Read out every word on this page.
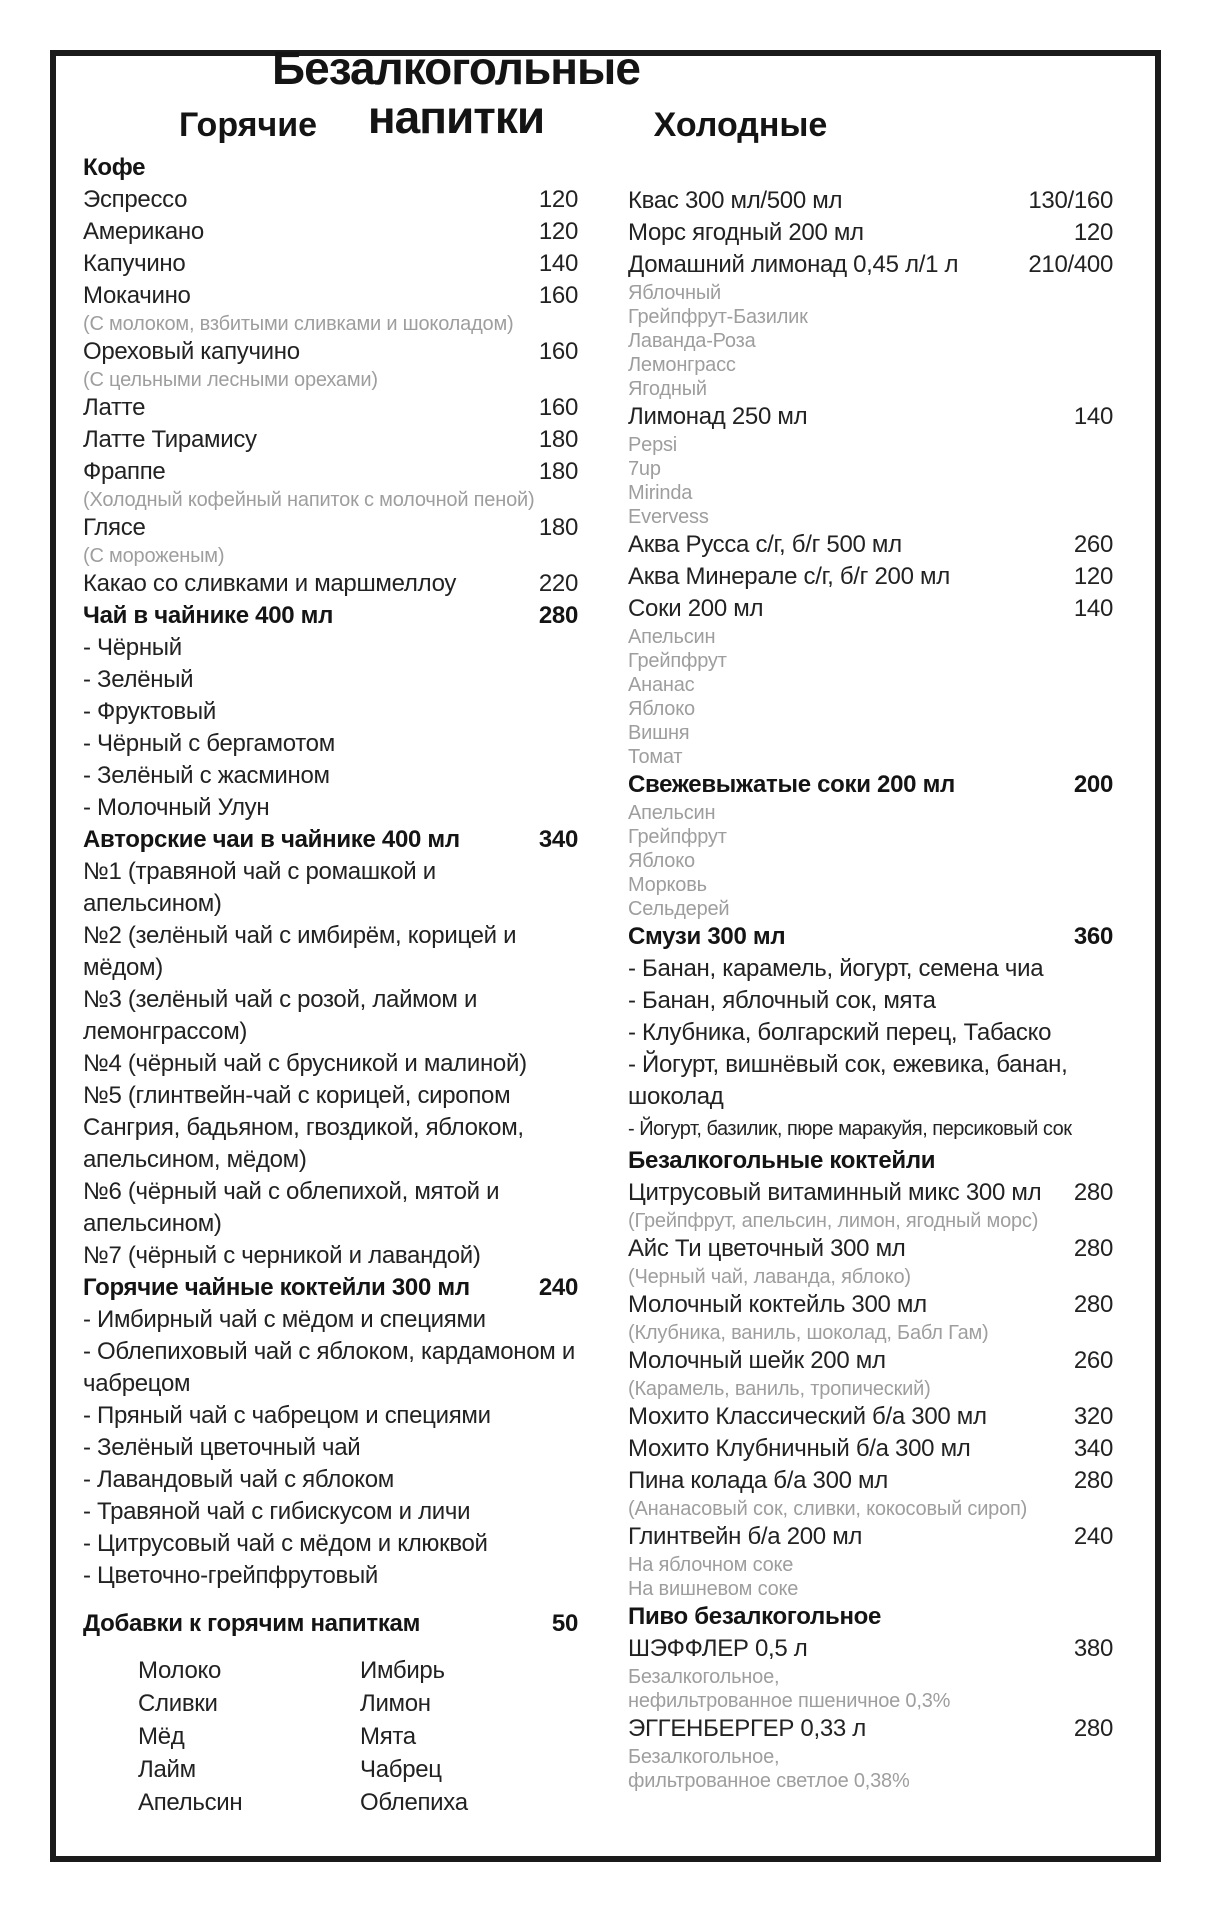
Безалкогольные
напитки
Горячие	Холодные
Кофе
Эспрессо	120
Американо	120
Капучино	140
Мокачино	160
(С молоком, взбитыми сливками и шоколадом)
Ореховый капучино	160
(С цельными лесными орехами)
Латте	160
Латте Тирамису	180
Фраппе	180
(Холодный кофейный напиток с молочной пеной)
Глясе	180
(С мороженым)
Какао со сливками и маршмеллоу	220
Чай в чайнике 400 мл	280
- Чёрный
- Зелёный
- Фруктовый
- Чёрный с бергамотом
- Зелёный с жасмином
- Молочный Улун
Авторские чаи в чайнике 400 мл	340
№1 (травяной чай с ромашкой и апельсином)
№2 (зелёный чай с имбирём, корицей и мёдом)
№3 (зелёный чай с розой, лаймом и лемонграссом)
№4 (чёрный чай с брусникой и малиной)
№5 (глинтвейн-чай с корицей, сиропом Сангрия, бадьяном, гвоздикой, яблоком, апельсином, мёдом)
№6 (чёрный чай с облепихой, мятой и апельсином)
№7 (чёрный с черникой и лавандой)
Горячие чайные коктейли 300 мл	240
- Имбирный чай с мёдом и специями
- Облепиховый чай с яблоком, кардамоном и чабрецом
- Пряный чай с чабрецом и специями
- Зелёный цветочный чай
- Лавандовый чай с яблоком
- Травяной чай с гибискусом и личи
- Цитрусовый чай с мёдом и клюквой
- Цветочно-грейпфрутовый
Добавки к горячим напиткам	50
Молоко	Имбирь
Сливки	Лимон
Мёд	Мята
Лайм	Чабрец
Апельсин	Облепиха
Квас 300 мл/500 мл	130/160
Морс ягодный 200 мл	120
Домашний лимонад 0,45 л/1 л	210/400
Яблочный
Грейпфрут-Базилик
Лаванда-Роза
Лемонграсс
Ягодный
Лимонад 250 мл	140
Pepsi
7up
Mirinda
Evervess
Аква Русса с/г, б/г 500 мл	260
Аква Минерале с/г, б/г 200 мл	120
Соки 200 мл	140
Апельсин
Грейпфрут
Ананас
Яблоко
Вишня
Томат
Свежевыжатые соки 200 мл	200
Апельсин
Грейпфрут
Яблоко
Морковь
Сельдерей
Смузи 300 мл	360
- Банан, карамель, йогурт, семена чиа
- Банан, яблочный сок, мята
- Клубника, болгарский перец, Табаско
- Йогурт, вишнёвый сок, ежевика, банан, шоколад
- Йогурт, базилик, пюре маракуйя, персиковый сок
Безалкогольные коктейли
Цитрусовый витаминный микс 300 мл	280
(Грейпфрут, апельсин, лимон, ягодный морс)
Айс Ти цветочный 300 мл	280
(Черный чай, лаванда, яблоко)
Молочный коктейль 300 мл	280
(Клубника, ваниль, шоколад, Бабл Гам)
Молочный шейк 200 мл	260
(Карамель, ваниль, тропический)
Мохито Классический б/а 300 мл	320
Мохито Клубничный б/а 300 мл	340
Пина колада б/а 300 мл	280
(Ананасовый сок, сливки, кокосовый сироп)
Глинтвейн б/а 200 мл	240
На яблочном соке
На вишневом соке
Пиво безалкогольное
ШЭФФЛЕР 0,5 л	380
Безалкогольное,
нефильтрованное пшеничное 0,3%
ЭГГЕНБЕРГЕР 0,33 л	280
Безалкогольное,
фильтрованное светлое 0,38%
